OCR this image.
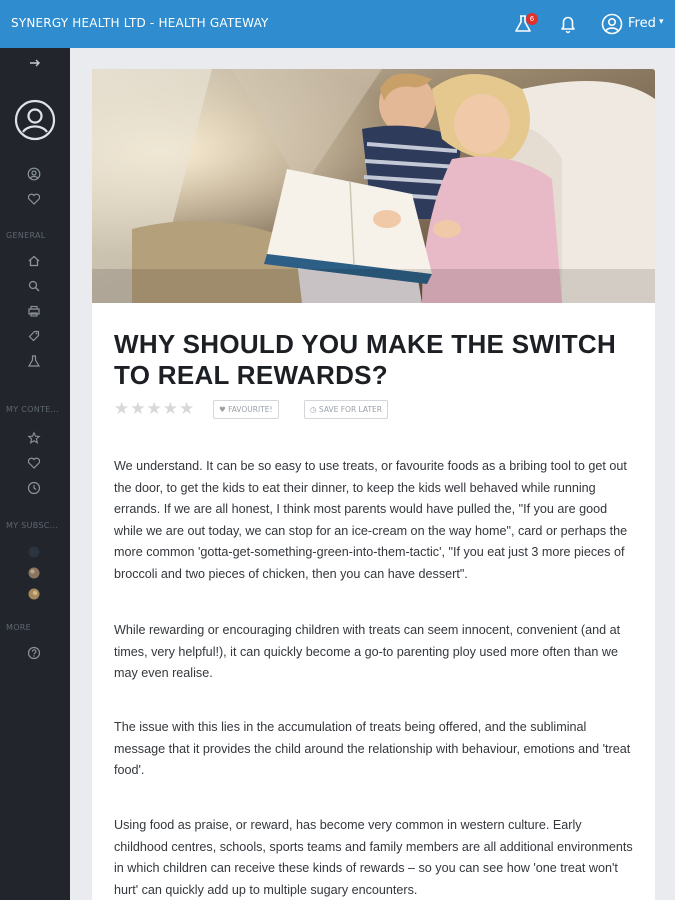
SYNERGY HEALTH LTD - HEALTH GATEWAY	6	Fred ▾
GENERAL
MY CONTE...
MY SUBSC...
MORE
WHY SHOULD YOU MAKE THE SWITCH TO REAL REWARDS?
★★★★★	♥ FAVOURITE!	◷ SAVE FOR LATER

We understand. It can be so easy to use treats, or favourite foods as a bribing tool to get out the door, to get the kids to eat their dinner, to keep the kids well behaved while running errands. If we are all honest, I think most parents would have pulled the, "If you are good while we are out today, we can stop for an ice-cream on the way home", card or perhaps the more common 'gotta-get-something-green-into-them-tactic', "If you eat just 3 more pieces of broccoli and two pieces of chicken, then you can have dessert".

While rewarding or encouraging children with treats can seem innocent, convenient (and at times, very helpful!), it can quickly become a go-to parenting ploy used more often than we may even realise.

The issue with this lies in the accumulation of treats being offered, and the subliminal message that it provides the child around the relationship with behaviour, emotions and 'treat food'.

Using food as praise, or reward, has become very common in western culture. Early childhood centres, schools, sports teams and family members are all additional environments in which children can receive these kinds of rewards – so you can see how 'one treat won't hurt' can quickly add up to multiple sugary encounters.
